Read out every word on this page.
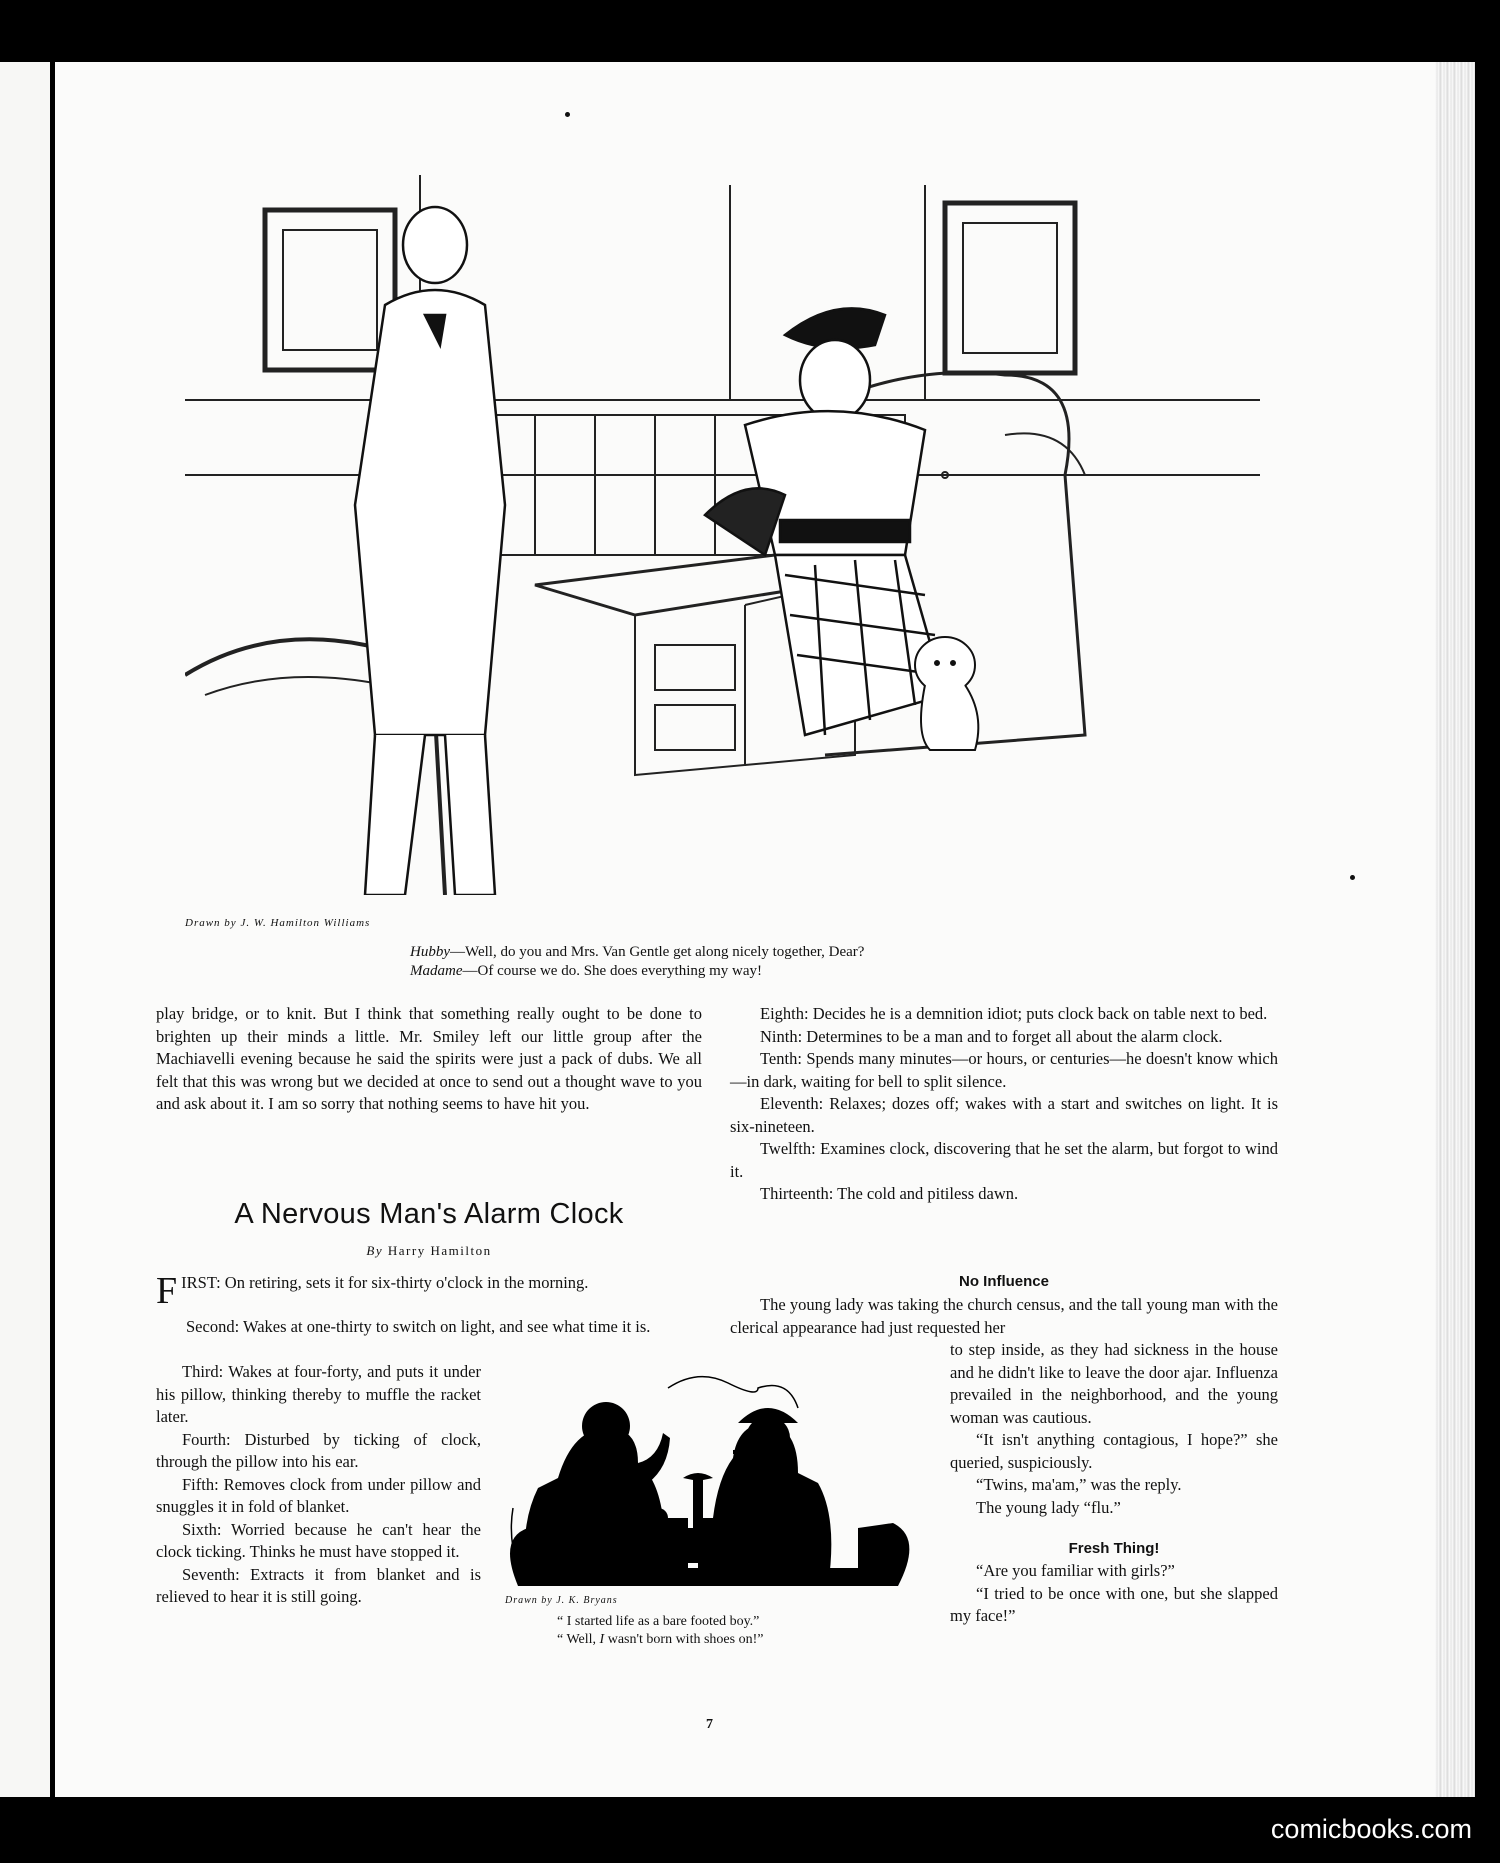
Drawn by J. W. Hamilton Williams
Hubby—Well, do you and Mrs. Van Gentle get along nicely together, Dear?
Madame—Of course we do. She does everything my way!

play bridge, or to knit. But I think that something really ought to be done to brighten up their minds a little. Mr. Smiley left our little group after the Machiavelli evening because he said the spirits were just a pack of dubs. We all felt that this was wrong but we decided at once to send out a thought wave to you and ask about it. I am so sorry that nothing seems to have hit you.

A Nervous Man's Alarm Clock
By Harry Hamilton
FIRST: On retiring, sets it for six-thirty o'clock in the morning.

Second: Wakes at one-thirty to switch on light, and see what time it is.

Third: Wakes at four-forty, and puts it under his pillow, thinking thereby to muffle the racket later.

Fourth: Disturbed by ticking of clock, through the pillow into his ear.

Fifth: Removes clock from under pillow and snuggles it in fold of blanket.

Sixth: Worried because he can't hear the clock ticking. Thinks he must have stopped it.

Seventh: Extracts it from blanket and is relieved to hear it is still going.	Drawn by J. K. Bryans
“ I started life as a bare footed boy.”
“ Well, I wasn't born with shoes on!”

Eighth: Decides he is a demnition idiot; puts clock back on table next to bed.

Ninth: Determines to be a man and to forget all about the alarm clock.

Tenth: Spends many minutes—or hours, or centuries—he doesn't know which—in dark, waiting for bell to split silence.

Eleventh: Relaxes; dozes off; wakes with a start and switches on light. It is six-nineteen.

Twelfth: Examines clock, discovering that he set the alarm, but forgot to wind it.

Thirteenth: The cold and pitiless dawn.

No Influence

The young lady was taking the church census, and the tall young man with the clerical appearance had just requested her

to step inside, as they had sickness in the house and he didn't like to leave the door ajar. Influenza prevailed in the neighborhood, and the young woman was cautious.

“It isn't anything contagious, I hope?” she queried, suspiciously.

“Twins, ma'am,” was the reply.

The young lady “flu.”

Fresh Thing!

“Are you familiar with girls?”

“I tried to be once with one, but she slapped my face!”

7
comicbooks.com
